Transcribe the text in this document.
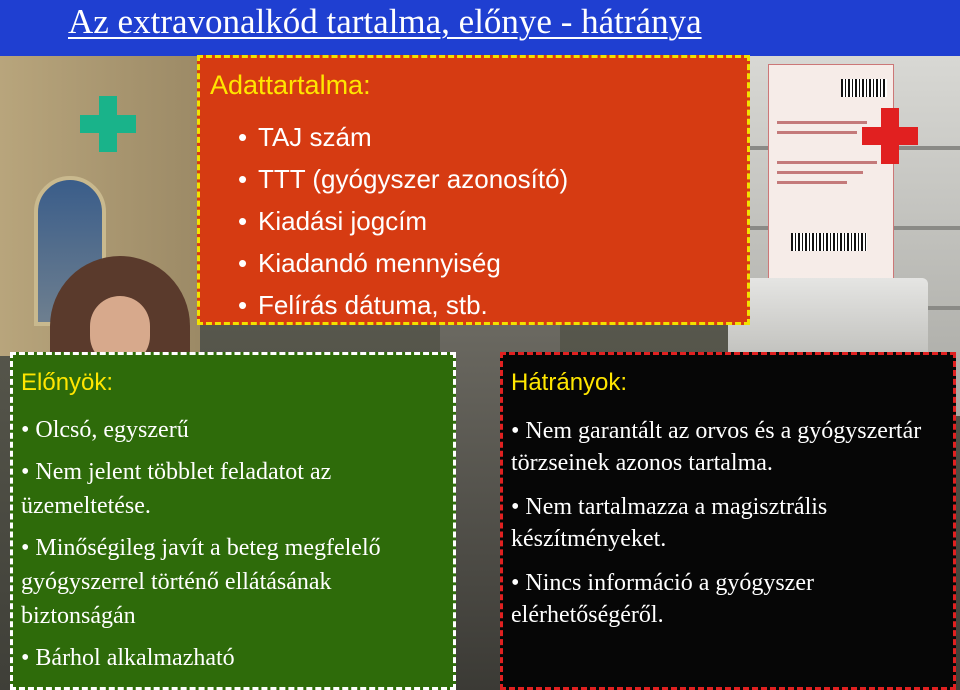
Az extravonalkód tartalma, előnye - hátránya
Adattartalma:
• TAJ szám
• TTT (gyógyszer azonosító)
• Kiadási jogcím
• Kiadandó mennyiség
• Felírás dátuma, stb.
Előnyök:
• Olcsó, egyszerű
• Nem jelent többlet feladatot az üzemeltetése.
• Minőségileg javít a beteg megfelelő gyógyszerrel történő ellátásának biztonságán
• Bárhol alkalmazható
Hátrányok:
• Nem garantált az orvos és a gyógyszertár törzseinek azonos tartalma.
• Nem tartalmazza a magisztrális készítményeket.
• Nincs információ a gyógyszer elérhetőségéről.
